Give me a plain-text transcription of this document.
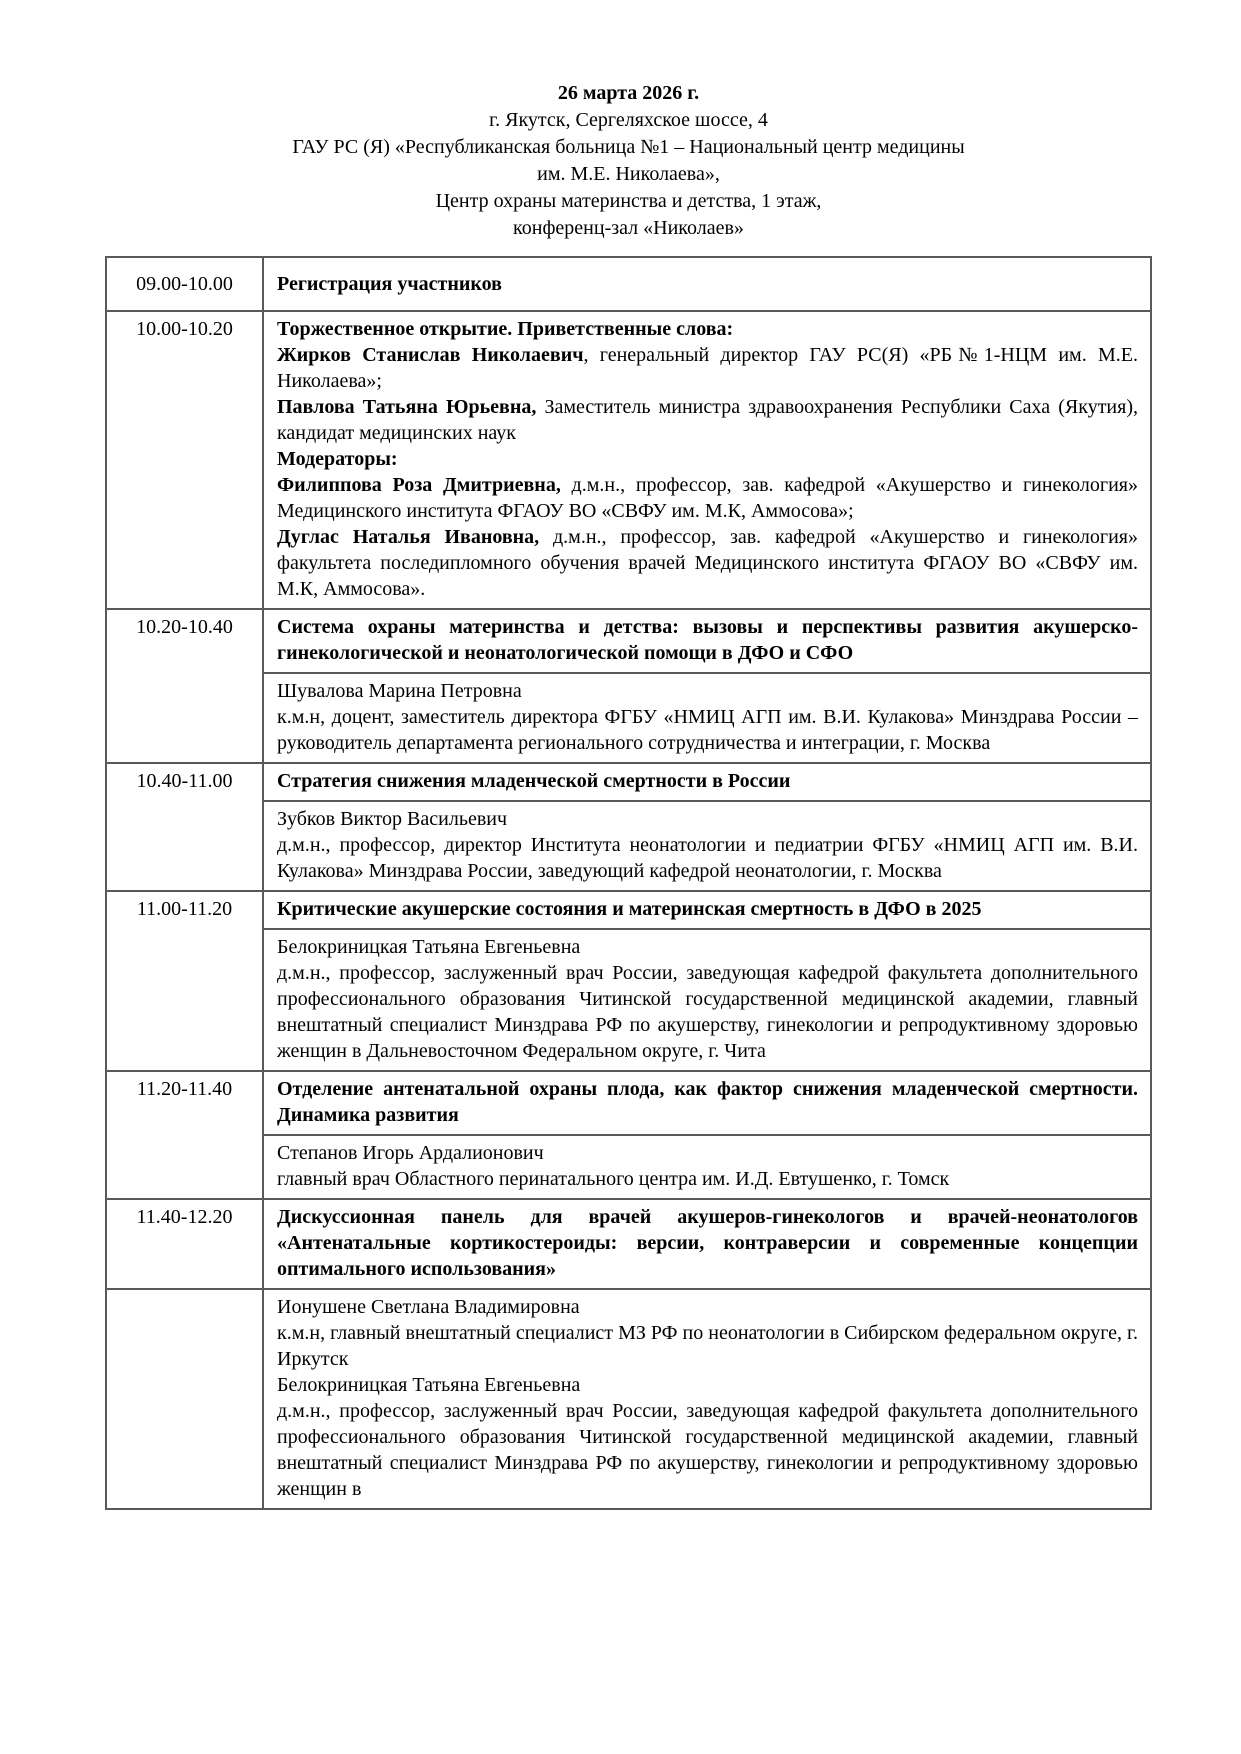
26 марта 2026 г.
г. Якутск, Сергеляхское шоссе, 4
ГАУ РС (Я) «Республиканская больница №1 – Национальный центр медицины
им. М.Е. Николаева»,
Центр охраны материнства и детства, 1 этаж,
конференц-зал «Николаев»
09.00-10.00	Регистрация участников

10.00-10.20	Торжественное открытие. Приветственные слова:

Жирков Станислав Николаевич, генеральный директор ГАУ РС(Я) «РБ№1-НЦМ им. М.Е. Николаева»;

Павлова Татьяна Юрьевна, Заместитель министра здравоохранения Республики Саха (Якутия), кандидат медицинских наук

Модераторы:

Филиппова Роза Дмитриевна, д.м.н., профессор, зав. кафедрой «Акушерство и гинекология» Медицинского института ФГАОУ ВО «СВФУ им. М.К, Аммосова»;

Дуглас Наталья Ивановна, д.м.н., профессор, зав. кафедрой «Акушерство и гинекология» факультета последипломного обучения врачей Медицинского института ФГАОУ ВО «СВФУ им. М.К, Аммосова».

10.20-10.40	Система охраны материнства и детства: вызовы и перспективы развития акушерско-гинекологической и неонатологической помощи в ДФО и СФО

	Шувалова Марина Петровна

к.м.н, доцент, заместитель директора ФГБУ «НМИЦ АГП им. В.И. Кулакова» Минздрава России – руководитель департамента регионального сотрудничества и интеграции, г. Москва

10.40-11.00	Стратегия снижения младенческой смертности в России

	Зубков Виктор Васильевич

д.м.н., профессор, директор Института неонатологии и педиатрии ФГБУ «НМИЦ АГП им. В.И. Кулакова» Минздрава России, заведующий кафедрой неонатологии, г. Москва

11.00-11.20	Критические акушерские состояния и материнская смертность в ДФО в 2025

	Белокриницкая Татьяна Евгеньевна

д.м.н., профессор, заслуженный врач России, заведующая кафедрой факультета дополнительного профессионального образования Читинской государственной медицинской академии, главный внештатный специалист Минздрава РФ по акушерству, гинекологии и репродуктивному здоровью женщин в Дальневосточном Федеральном округе, г. Чита

11.20-11.40	Отделение антенатальной охраны плода, как фактор снижения младенческой смертности. Динамика развития

	Степанов Игорь Ардалионович

главный врач Областного перинатального центра им. И.Д. Евтушенко, г. Томск

11.40-12.20	Дискуссионная панель для врачей акушеров-гинекологов и врачей-неонатологов «Антенатальные кортикостероиды: версии, контраверсии и современные концепции оптимального использования»

	Ионушене Светлана Владимировна

к.м.н, главный внештатный специалист МЗ РФ по неонатологии в Сибирском федеральном округе, г. Иркутск

Белокриницкая Татьяна Евгеньевна

д.м.н., профессор, заслуженный врач России, заведующая кафедрой факультета дополнительного профессионального образования Читинской государственной медицинской академии, главный внештатный специалист Минздрава РФ по акушерству, гинекологии и репродуктивному здоровью женщин в
